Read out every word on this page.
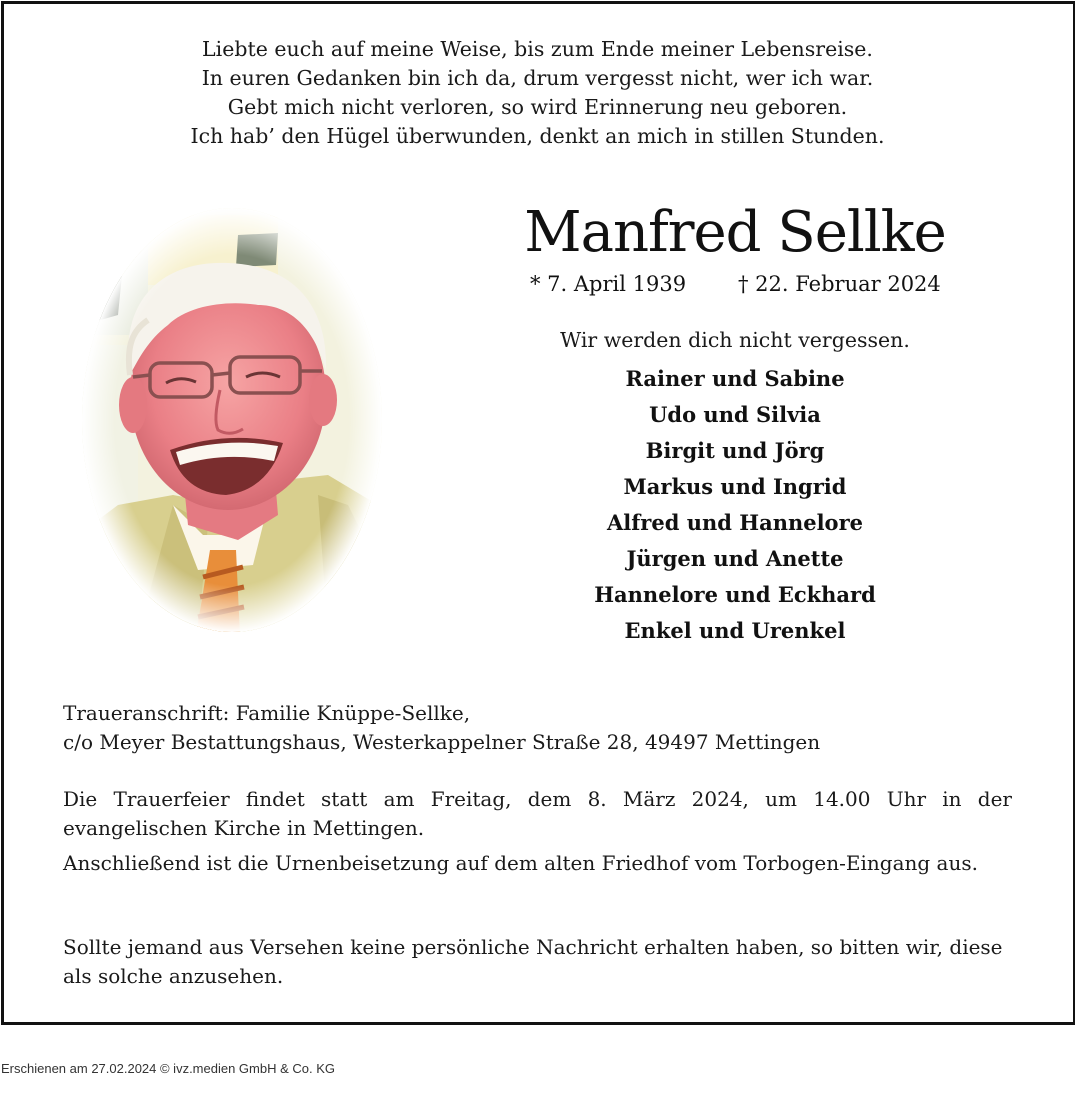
Liebte euch auf meine Weise, bis zum Ende meiner Lebensreise.
In euren Gedanken bin ich da, drum vergesst nicht, wer ich war.
Gebt mich nicht verloren, so wird Erinnerung neu geboren.
Ich hab’ den Hügel überwunden, denkt an mich in stillen Stunden.
Manfred Sellke
* 7. April 1939 † 22. Februar 2024
Wir werden dich nicht vergessen.
Rainer und Sabine
Udo und Silvia
Birgit und Jörg
Markus und Ingrid
Alfred und Hannelore
Jürgen und Anette
Hannelore und Eckhard
Enkel und Urenkel
Traueranschrift: Familie Knüppe-Sellke,
c/o Meyer Bestattungshaus, Westerkappelner Straße 28, 49497 Mettingen
Die Trauerfeier findet statt am Freitag, dem 8. März 2024, um 14.00 Uhr in der evangelischen Kirche in Mettingen.
Anschließend ist die Urnenbeisetzung auf dem alten Friedhof vom Torbogen-Eingang aus.
Sollte jemand aus Versehen keine persönliche Nachricht erhalten haben, so bitten wir, diese als solche anzusehen.
Erschienen am 27.02.2024 © ivz.medien GmbH & Co. KG
